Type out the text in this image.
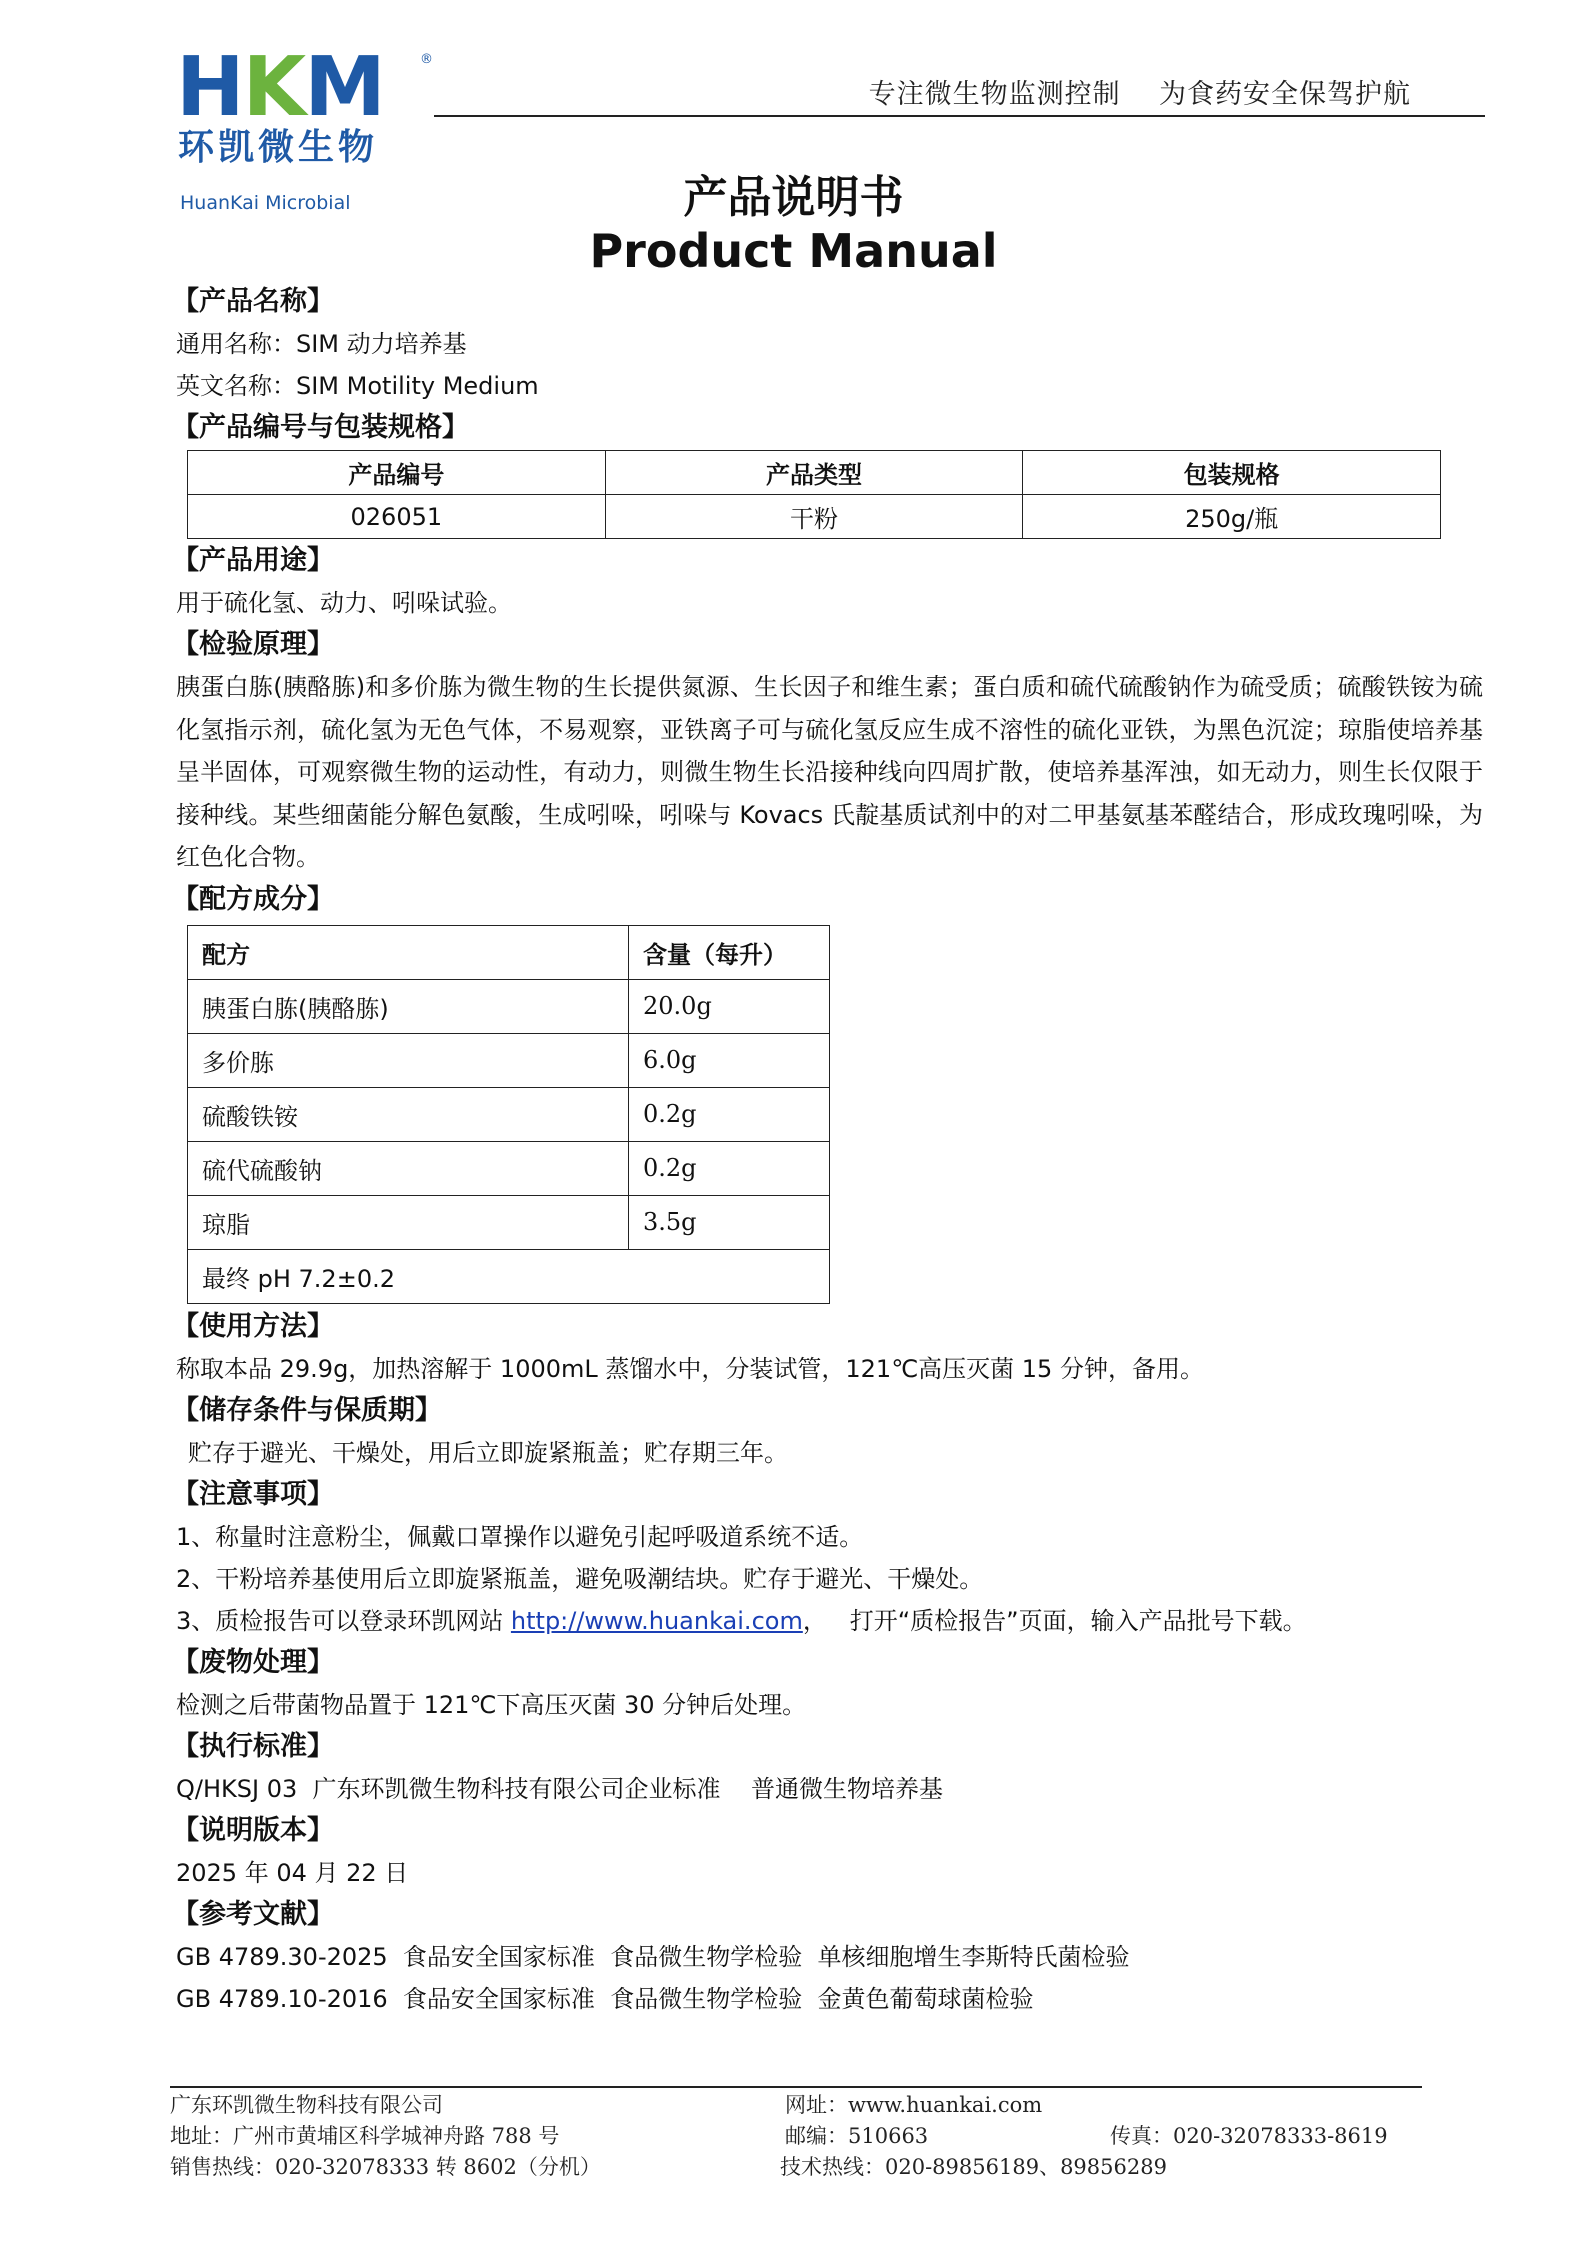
HKM	®
环凯微生物
HuanKai Microbial
专注微生物监测控制    为食药安全保驾护航
产品说明书
Product Manual
【产品名称】
通用名称：SIM 动力培养基
英文名称：SIM Motility Medium
【产品编号与包装规格】
产品编号	产品类型	包装规格
026051	干粉	250g/瓶
【产品用途】
用于硫化氢、动力、吲哚试验。
【检验原理】
胰蛋白胨(胰酪胨)和多价胨为微生物的生长提供氮源、生长因子和维生素；蛋白质和硫代硫酸钠作为硫受质；硫酸铁铵为硫化氢指示剂，硫化氢为无色气体，不易观察，亚铁离子可与硫化氢反应生成不溶性的硫化亚铁，为黑色沉淀；琼脂使培养基呈半固体，可观察微生物的运动性，有动力，则微生物生长沿接种线向四周扩散，使培养基浑浊，如无动力，则生长仅限于接种线。某些细菌能分解色氨酸，生成吲哚，吲哚与 Kovacs 氏靛基质试剂中的对二甲基氨基苯醛结合，形成玫瑰吲哚，为红色化合物。
【配方成分】
配方	含量（每升）
胰蛋白胨(胰酪胨)	20.0g
多价胨	6.0g
硫酸铁铵	0.2g
硫代硫酸钠	0.2g
琼脂	3.5g
最终 pH 7.2±0.2	
【使用方法】
称取本品 29.9g，加热溶解于 1000mL 蒸馏水中，分装试管，121℃高压灭菌 15 分钟，备用。
【储存条件与保质期】
贮存于避光、干燥处，用后立即旋紧瓶盖；贮存期三年。
【注意事项】
1、称量时注意粉尘，佩戴口罩操作以避免引起呼吸道系统不适。
2、干粉培养基使用后立即旋紧瓶盖，避免吸潮结块。贮存于避光、干燥处。
3、质检报告可以登录环凯网站 http://www.huankai.com，   打开“质检报告”页面，输入产品批号下载。
【废物处理】
检测之后带菌物品置于 121℃下高压灭菌 30 分钟后处理。
【执行标准】
Q/HKSJ 03  广东环凯微生物科技有限公司企业标准    普通微生物培养基
【说明版本】
2025 年 04 月 22 日
【参考文献】
GB 4789.30-2025  食品安全国家标准  食品微生物学检验  单核细胞增生李斯特氏菌检验
GB 4789.10-2016  食品安全国家标准  食品微生物学检验  金黄色葡萄球菌检验
广东环凯微生物科技有限公司
地址：广州市黄埔区科学城神舟路 788 号
销售热线：020-32078333 转 8602（分机）
网址：www.huankai.com
邮编：510663
技术热线：020-89856189、89856289
传真：020-32078333-8619
